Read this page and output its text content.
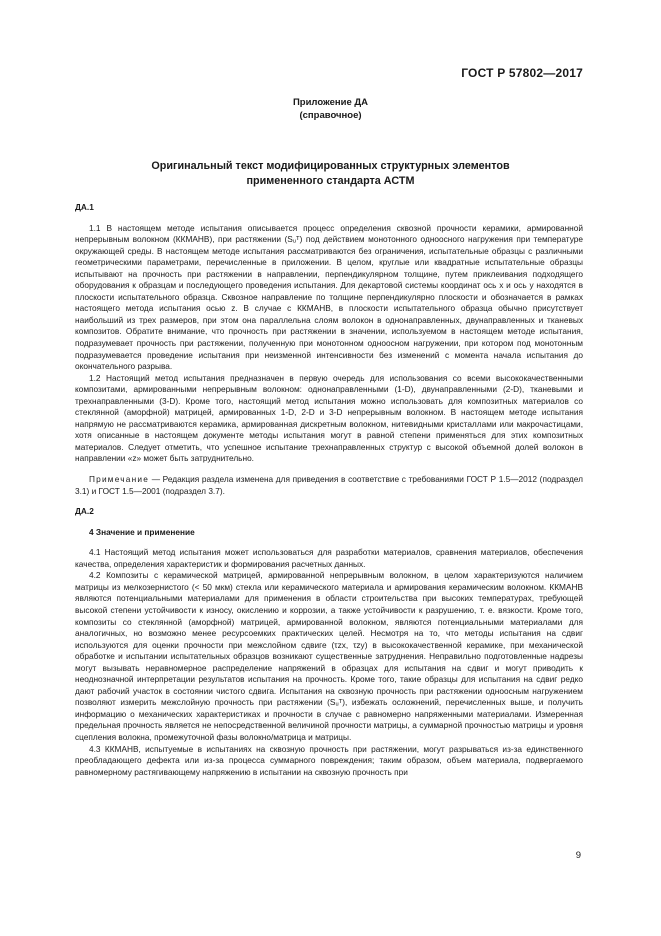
ГОСТ Р 57802—2017
Приложение ДА
(справочное)
Оригинальный текст модифицированных структурных элементов
примененного стандарта АСТМ

ДА.1

1.1 В настоящем методе испытания описывается процесс определения сквозной прочности керамики, армированной непрерывным волокном (ККМАНВ), при растяжении (Sᵤᵀ) под действием монотонного одноосного нагружения при температуре окружающей среды. В настоящем методе испытания рассматриваются без ограничения, испытательные образцы с различными геометрическими параметрами, перечисленные в приложении. В целом, круглые или квадратные испытательные образцы испытывают на прочность при растяжении в направлении, перпендикулярном толщине, путем приклеивания подходящего оборудования к образцам и последующего проведения испытания. Для декартовой системы координат ось x и ось y находятся в плоскости испытательного образца. Сквозное направление по толщине перпендикулярно плоскости и обозначается в рамках настоящего метода испытания осью z. В случае с ККМАНВ, в плоскости испытательного образца обычно присутствует наибольший из трех размеров, при этом она параллельна слоям волокон в однонаправленных, двунаправленных и тканевых композитов. Обратите внимание, что прочность при растяжении в значении, используемом в настоящем методе испытания, подразумевает прочность при растяжении, полученную при монотонном одноосном нагружении, при котором под монотонным подразумевается проведение испытания при неизменной интенсивности без изменений с момента начала испытания до окончательного разрыва.

1.2 Настоящий метод испытания предназначен в первую очередь для использования со всеми высококачественными композитами, армированными непрерывным волокном: однонаправленными (1-D), двунаправленными (2-D), тканевыми и трехнаправленными (3-D). Кроме того, настоящий метод испытания можно использовать для композитных материалов со стеклянной (аморфной) матрицей, армированных 1-D, 2-D и 3-D непрерывным волокном. В настоящем методе испытания напрямую не рассматриваются керамика, армированная дискретным волокном, нитевидными кристаллами или макрочастицами, хотя описанные в настоящем документе методы испытания могут в равной степени применяться для этих композитных материалов. Следует отметить, что успешное испытание трехнаправленных структур с высокой объемной долей волокон в направлении «z» может быть затруднительно.

Примечание — Редакция раздела изменена для приведения в соответствие с требованиями ГОСТ Р 1.5—2012 (подраздел 3.1) и ГОСТ 1.5—2001 (подраздел 3.7).

ДА.2

4 Значение и применение

4.1 Настоящий метод испытания может использоваться для разработки материалов, сравнения материалов, обеспечения качества, определения характеристик и формирования расчетных данных.

4.2 Композиты с керамической матрицей, армированной непрерывным волокном, в целом характеризуются наличием матрицы из мелкозернистого (< 50 мкм) стекла или керамического материала и армирования керамическим волокном. ККМАНВ являются потенциальными материалами для применения в области строительства при высоких температурах, требующей высокой степени устойчивости к износу, окислению и коррозии, а также устойчивости к разрушению, т. е. вязкости. Кроме того, композиты со стеклянной (аморфной) матрицей, армированной волокном, являются потенциальными материалами для аналогичных, но возможно менее ресурсоемких практических целей. Несмотря на то, что методы испытания на сдвиг используются для оценки прочности при межслойном сдвиге (τzx, τzy) в высококачественной керамике, при механической обработке и испытании испытательных образцов возникают существенные затруднения. Неправильно подготовленные надрезы могут вызывать неравномерное распределение напряжений в образцах для испытания на сдвиг и могут приводить к неоднозначной интерпретации результатов испытания на прочность. Кроме того, такие образцы для испытания на сдвиг редко дают рабочий участок в состоянии чистого сдвига. Испытания на сквозную прочность при растяжении одноосным нагружением позволяют измерить межслойную прочность при растяжении (Sᵤᵀ), избежать осложнений, перечисленных выше, и получить информацию о механических характеристиках и прочности в случае с равномерно напряженными материалами. Измеренная предельная прочность является не непосредственной величиной прочности матрицы, а суммарной прочностью матрицы и уровня сцепления волокна, промежуточной фазы волокно/матрица и матрицы.

4.3 ККМАНВ, испытуемые в испытаниях на сквозную прочность при растяжении, могут разрываться из-за единственного преобладающего дефекта или из-за процесса суммарного повреждения; таким образом, объем материала, подвергаемого равномерному растягивающему напряжению в испытании на сквозную прочность при

9
